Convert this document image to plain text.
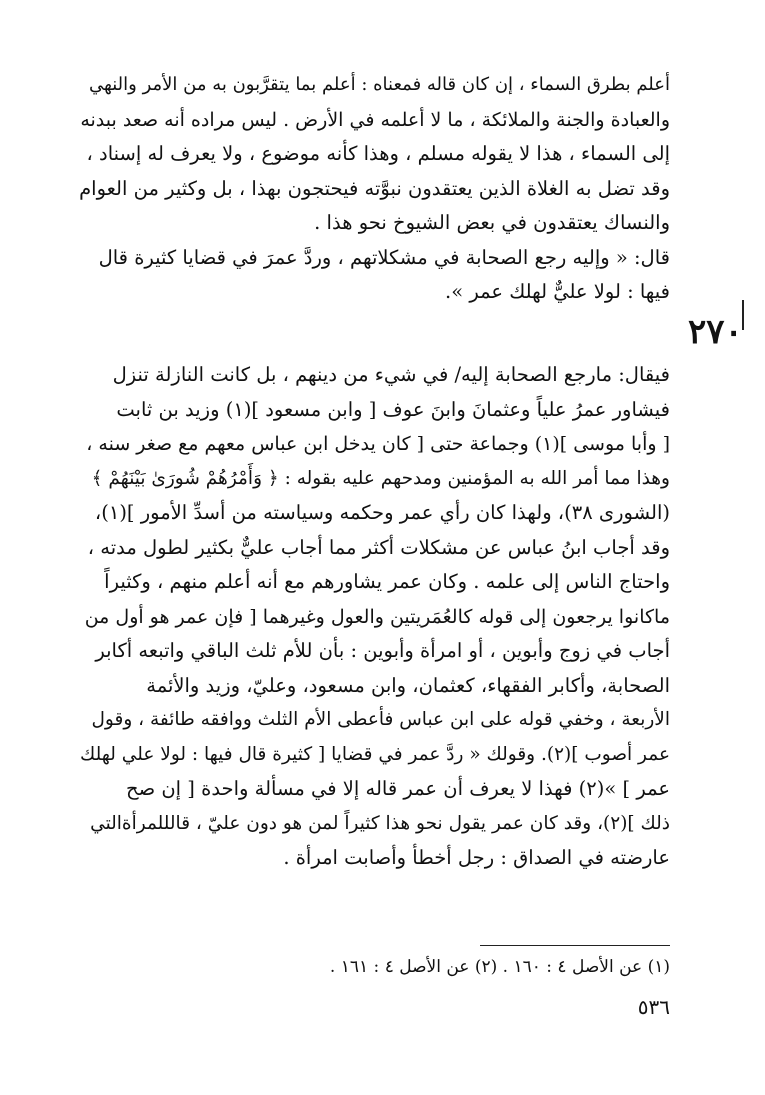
٢٧٠
أعلم بطرق السماء ، إن كان قاله فمعناه : أعلم بما يتقرَّبون به من الأمر والنهي
والعبادة والجنة والملائكة ، ما لا أعلمه في الأرض . ليس مراده أنه صعد ببدنه
إلى السماء ، هذا لا يقوله مسلم ، وهذا كأنه موضوع ، ولا يعرف له إسناد ،
وقد تضل به الغلاة الذين يعتقدون نبوَّته فيحتجون بهذا ، بل وكثير من العوام
والنساك يعتقدون في بعض الشيوخ نحو هذا .
قال: « وإليه رجع الصحابة في مشكلاتهم ، وردَّ عمرَ في قضايا كثيرة قال
فيها : لولا عليٌّ لهلك عمر ».
فيقال: مارجع الصحابة إليه/ في شيء من دينهم ، بل كانت النازلة تنزل
فيشاور عمرُ علياً وعثمانَ وابنَ عوف [ وابن مسعود ](١) وزيد بن ثابت
[ وأبا موسى ](١) وجماعة حتى [ كان يدخل ابن عباس معهم مع صغر سنه ،
وهذا مما أمر الله به المؤمنين ومدحهم عليه بقوله : ﴿ وَأَمْرُهُمْ شُورَىٰ بَيْنَهُمْ ﴾
(الشورى ٣٨)، ولهذا كان رأي عمر وحكمه وسياسته من أسدِّ الأمور ](١)،
وقد أجاب ابنُ عباس عن مشكلات أكثر مما أجاب عليٌّ بكثير لطول مدته ،
واحتاج الناس إلى علمه . وكان عمر يشاورهم مع أنه أعلم منهم ، وكثيراً
ماكانوا يرجعون إلى قوله كالعُمَريتين والعول وغيرهما [ فإن عمر هو أول من
أجاب في زوج وأبوين ، أو امرأة وأبوين : بأن للأم ثلث الباقي واتبعه أكابر
الصحابة، وأكابر الفقهاء، كعثمان، وابن مسعود، وعليّ، وزيد والأئمة
الأربعة ، وخفي قوله على ابن عباس فأعطى الأم الثلث ووافقه طائفة ، وقول
عمر أصوب ](٢). وقولك « ردَّ عمر في قضايا [ كثيرة قال فيها : لولا علي لهلك
عمر ] »(٢) فهذا لا يعرف أن عمر قاله إلا في مسألة واحدة [ إن صح
ذلك ](٢)، وقد كان عمر يقول نحو هذا كثيراً لمن هو دون عليّ ، قالللمرأةالتي
عارضته في الصداق : رجل أخطأ وأصابت امرأة .
(١) عن الأصل ٤ : ١٦٠ . (٢) عن الأصل ٤ : ١٦١ .
٥٣٦
